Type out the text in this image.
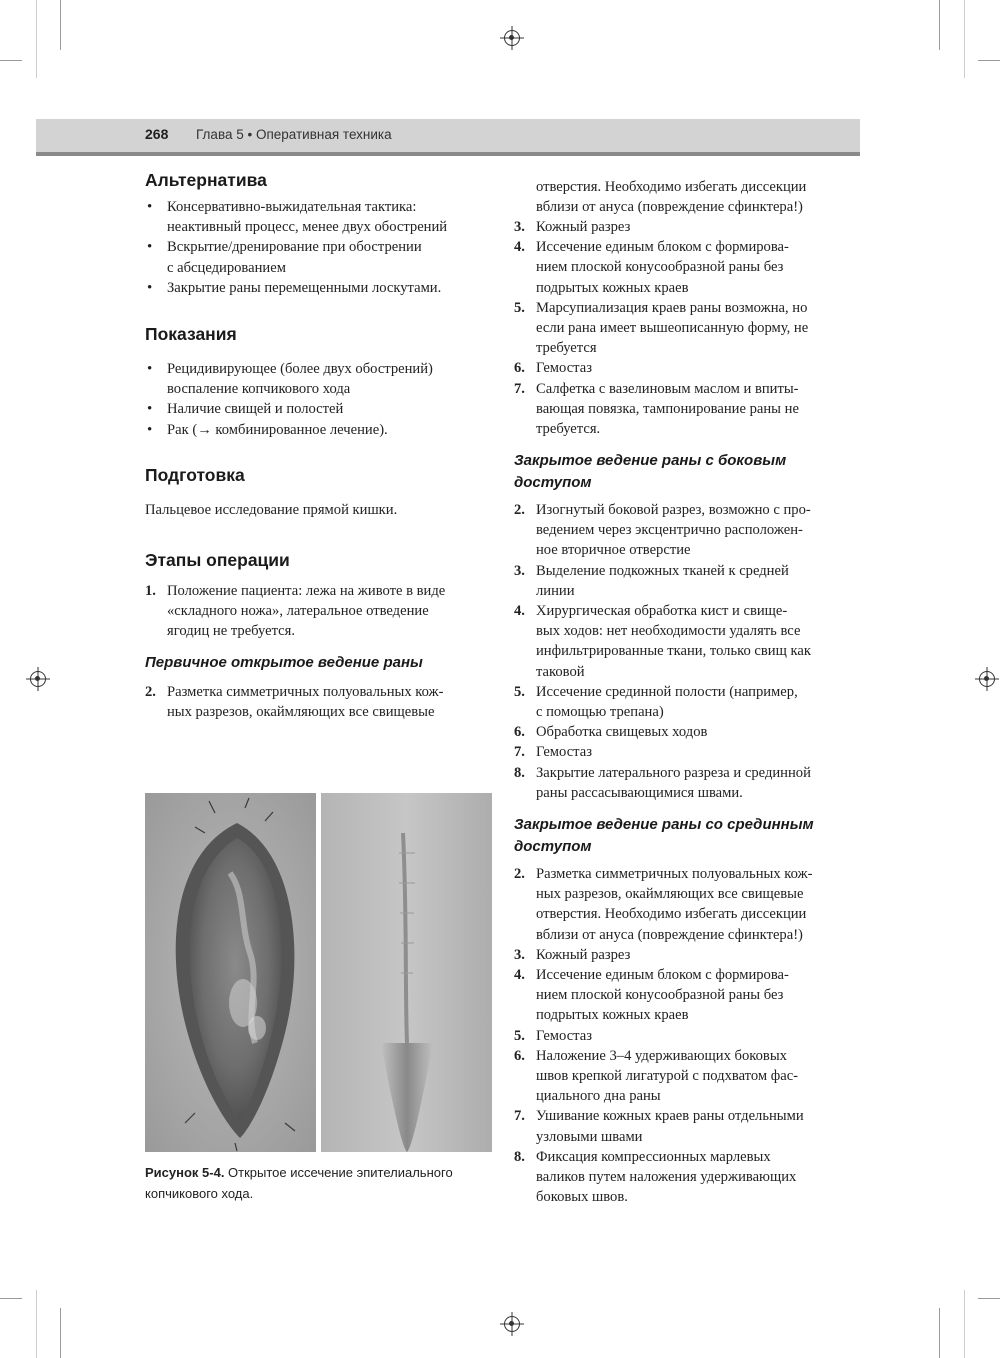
268 Глава 5 • Оперативная техника
Альтернатива
• Консервативно-выжидательная тактика:
неактивный процесс, менее двух обострений
• Вскрытие/дренирование при обострении
с абсцедированием
• Закрытие раны перемещенными лоскутами.
Показания
• Рецидивирующее (более двух обострений)
воспаление копчикового хода
• Наличие свищей и полостей
• Рак (→ комбинированное лечение).
Подготовка

Пальцевое исследование прямой кишки.

Этапы операции
1. Положение пациента: лежа на животе в виде
«складного ножа», латеральное отведение
ягодиц не требуется.
Первичное открытое ведение раны
2. Разметка симметричных полуовальных кож-
ных разрезов, окаймляющих все свищевые
Рисунок 5-4. Открытое иссечение эпителиального
копчикового хода.
отверстия. Необходимо избегать диссекции
вблизи от ануса (повреждение сфинктера!)
3. Кожный разрез
4. Иссечение единым блоком с формирова-
нием плоской конусообразной раны без
подрытых кожных краев
5. Марсупиализация краев раны возможна, но
если рана имеет вышеописанную форму, не
требуется
6. Гемостаз
7. Салфетка с вазелиновым маслом и впиты-
вающая повязка, тампонирование раны не
требуется.
Закрытое ведение раны с боковым
доступом
2. Изогнутый боковой разрез, возможно с про-
ведением через эксцентрично расположен-
ное вторичное отверстие
3. Выделение подкожных тканей к средней
линии
4. Хирургическая обработка кист и свище-
вых ходов: нет необходимости удалять все
инфильтрированные ткани, только свищ как
таковой
5. Иссечение срединной полости (например,
с помощью трепана)
6. Обработка свищевых ходов
7. Гемостаз
8. Закрытие латерального разреза и срединной
раны рассасывающимися швами.
Закрытое ведение раны со срединным
доступом
2. Разметка симметричных полуовальных кож-
ных разрезов, окаймляющих все свищевые
отверстия. Необходимо избегать диссекции
вблизи от ануса (повреждение сфинктера!)
3. Кожный разрез
4. Иссечение единым блоком с формирова-
нием плоской конусообразной раны без
подрытых кожных краев
5. Гемостаз
6. Наложение 3–4 удерживающих боковых
швов крепкой лигатурой с подхватом фас-
циального дна раны
7. Ушивание кожных краев раны отдельными
узловыми швами
8. Фиксация компрессионных марлевых
валиков путем наложения удерживающих
боковых швов.
